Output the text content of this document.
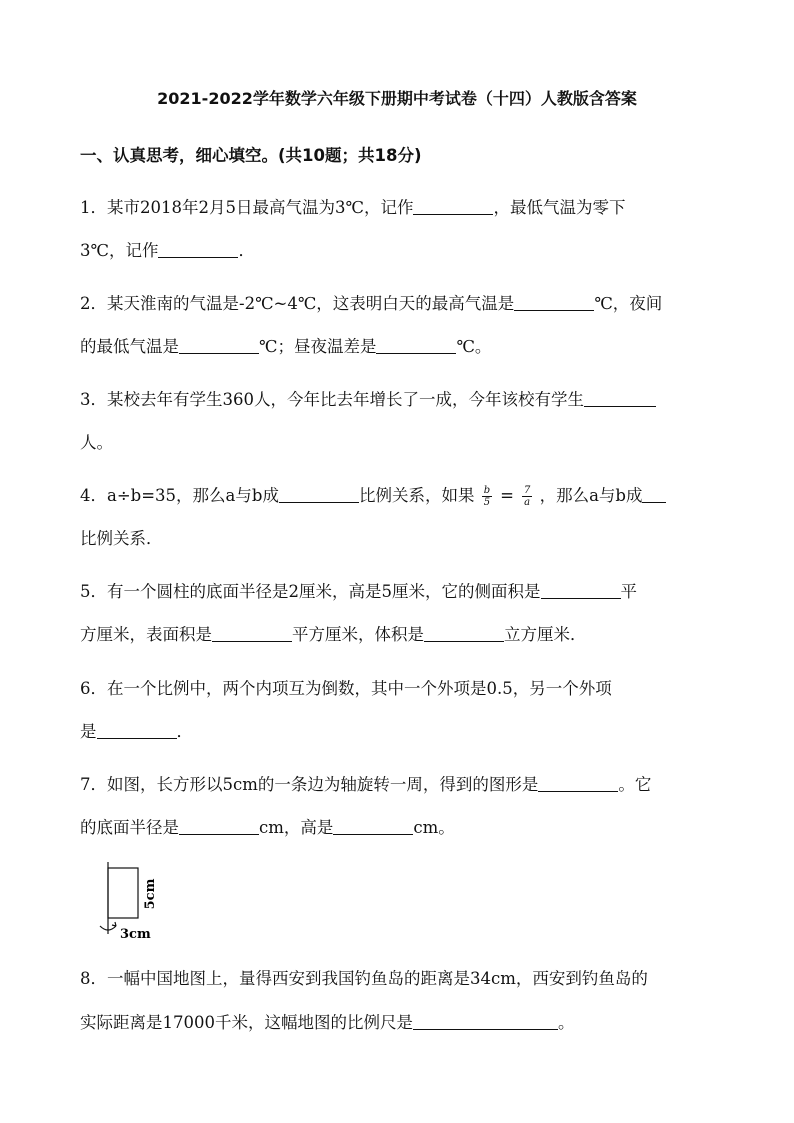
2021-2022学年数学六年级下册期中考试卷（十四）人教版含答案
一、认真思考，细心填空。(共10题；共18分)
1．某市2018年2月5日最高气温为3℃，记作	，最低气温为零下
3℃，记作	．
2．某天淮南的气温是-2℃~4℃，这表明白天的最高气温是	℃，夜间
的最低气温是	℃；昼夜温差是	℃。
3．某校去年有学生360人，今年比去年增长了一成，今年该校有学生
人。
4．a÷b=35，那么a与b成	比例关系，如果 $\frac{b}{5} = \frac{7}{a}$ ，那么a与b成
比例关系．
5．有一个圆柱的底面半径是2厘米，高是5厘米，它的侧面积是	平
方厘米，表面积是	平方厘米，体积是	立方厘米．
6．在一个比例中，两个内项互为倒数，其中一个外项是0.5，另一个外项
是	．
7．如图，长方形以5cm的一条边为轴旋转一周，得到的图形是	。它
的底面半径是	cm，高是	cm。
5cm
3cm
8．一幅中国地图上，量得西安到我国钓鱼岛的距离是34cm，西安到钓鱼岛的
实际距离是17000千米，这幅地图的比例尺是	。
